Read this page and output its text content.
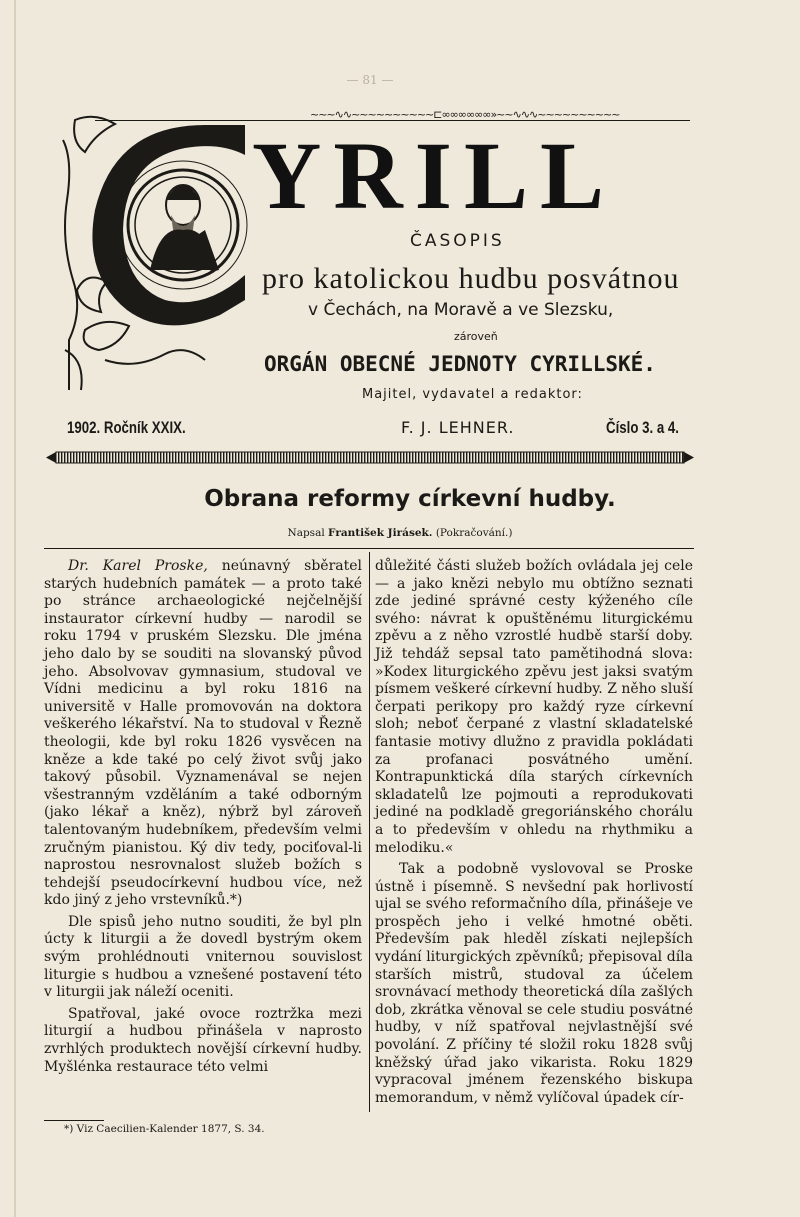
— 81 —
~~~∿∿~~~~~~~~~~⊏∞∞∞∞∞∞»~~∿∿∿~~~~~~~~~~
YRILL
ČASOPIS
pro katolickou hudbu posvátnou
v Čechách, na Moravě a ve Slezsku,
zároveň
ORGÁN OBECNÉ JEDNOTY CYRILLSKÉ.
Majitel, vydavatel a redaktor:
1902. Ročník XXIX.	F. J. LEHNER.	Číslo 3. a 4.
Obrana reformy církevní hudby.
Napsal František Jirásek. (Pokračování.)

Dr. Karel Proske, neúnavný sběratel starých hudebních památek — a proto také po stránce archaeologické nejčelnější instaurator církevní hudby — narodil se roku 1794 v pruském Slezsku. Dle jména jeho dalo by se souditi na slovanský původ jeho. Absolvovav gymnasium, studoval ve Vídni medicinu a byl roku 1816 na universitě v Halle promovován na doktora veškerého lékařství. Na to studoval v Řezně theologii, kde byl roku 1826 vysvěcen na kněze a kde také po celý život svůj jako takový působil. Vyznamenával se nejen všestranným vzděláním a také odborným (jako lékař a kněz), nýbrž byl zároveň talentovaným hudebníkem, především velmi zručným pianistou. Ký div tedy, pociťoval-li naprostou nesrovnalost služeb božích s tehdejší pseudocírkevní hudbou více, než kdo jiný z jeho vrstevníků.*)

Dle spisů jeho nutno souditi, že byl pln úcty k liturgii a že dovedl bystrým okem svým prohlédnouti vniternou souvislost liturgie s hudbou a vznešené postavení této v liturgii jak náleží oceniti.

Spatřoval, jaké ovoce roztržka mezi liturgií a hudbou přinášela v naprosto zvrhlých produktech novější církevní hudby. Myšlénka restaurace této velmi

důležité části služeb božích ovládala jej cele — a jako knězi nebylo mu obtížno seznati zde jediné správné cesty kýženého cíle svého: návrat k opuštěnému liturgickému zpěvu a z něho vzrostlé hudbě starší doby. Již tehdáž sepsal tato pamětihodná slova: »Kodex liturgického zpěvu jest jaksi svatým písmem veškeré církevní hudby. Z něho sluší čerpati perikopy pro každý ryze církevní sloh; neboť čerpané z vlastní skladatelské fantasie motivy dlužno z pravidla pokládati za profanaci posvátného umění. Kontrapunktická díla starých církevních skladatelů lze pojmouti a reprodukovati jediné na podkladě gregoriánského chorálu a to především v ohledu na rhythmiku a melodiku.«

Tak a podobně vyslovoval se Proske ústně i písemně. S nevšední pak horlivostí ujal se svého reformačního díla, přinášeje ve prospěch jeho i velké hmotné oběti. Především pak hleděl získati nejlepších vydání liturgických zpěvníků; přepisoval díla starších mistrů, studoval za účelem srovnávací methody theoretická díla zašlých dob, zkrátka věnoval se cele studiu posvátné hudby, v níž spatřoval nejvlastnější své povolání. Z příčiny té složil roku 1828 svůj kněžský úřad jako vikarista. Roku 1829 vypracoval jménem řezenského biskupa memorandum, v němž vylíčoval úpadek cír-

*) Viz Caecilien-Kalender 1877, S. 34.
